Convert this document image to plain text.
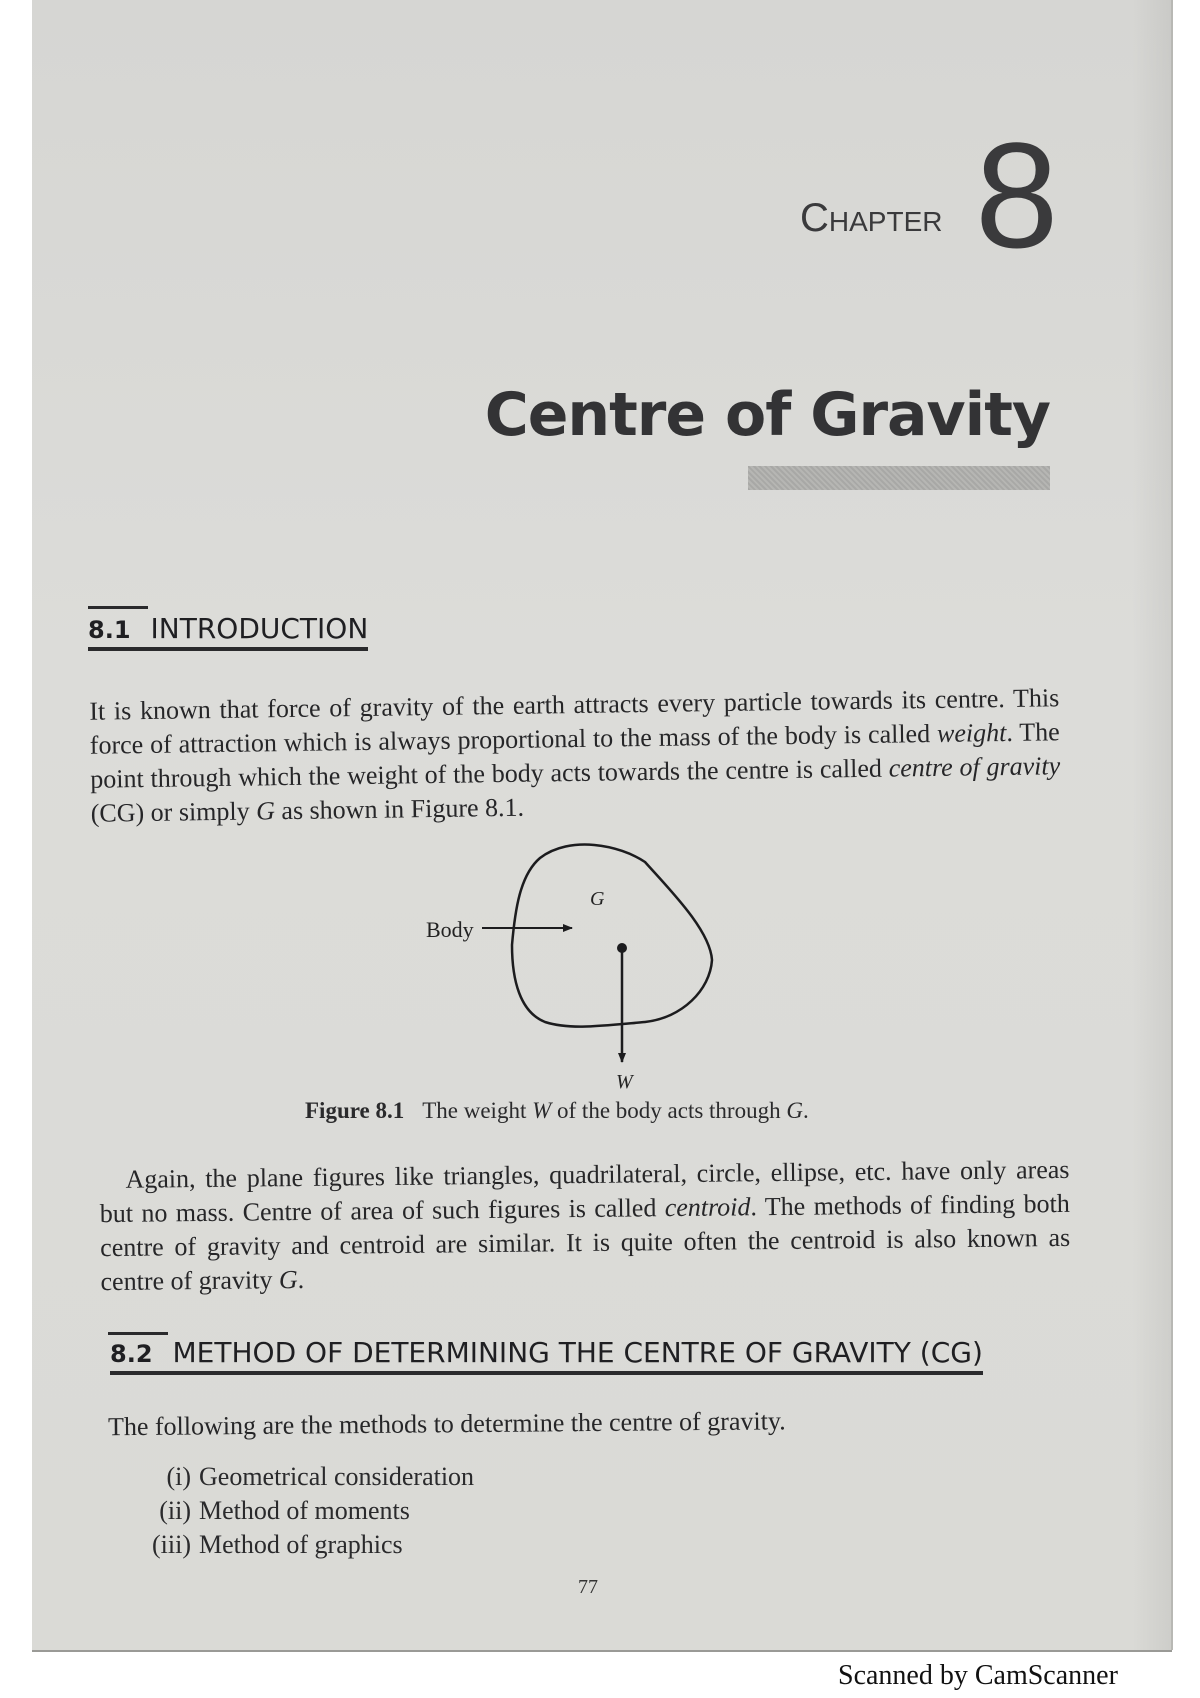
Chapter 8
Centre of Gravity
8.1 INTRODUCTION
It is known that force of gravity of the earth attracts every particle towards its centre. This force of attraction which is always proportional to the mass of the body is called weight. The point through which the weight of the body acts towards the centre is called centre of gravity (CG) or simply G as shown in Figure 8.1.
Body
G
W
Figure 8.1 The weight W of the body acts through G.
Again, the plane figures like triangles, quadrilateral, circle, ellipse, etc. have only areas but no mass. Centre of area of such figures is called centroid. The methods of finding both centre of gravity and centroid are similar. It is quite often the centroid is also known as centre of gravity G.
8.2 METHOD OF DETERMINING THE CENTRE OF GRAVITY (CG)
The following are the methods to determine the centre of gravity.
(i) Geometrical consideration
(ii) Method of moments
(iii) Method of graphics
77
Scanned by CamScanner
